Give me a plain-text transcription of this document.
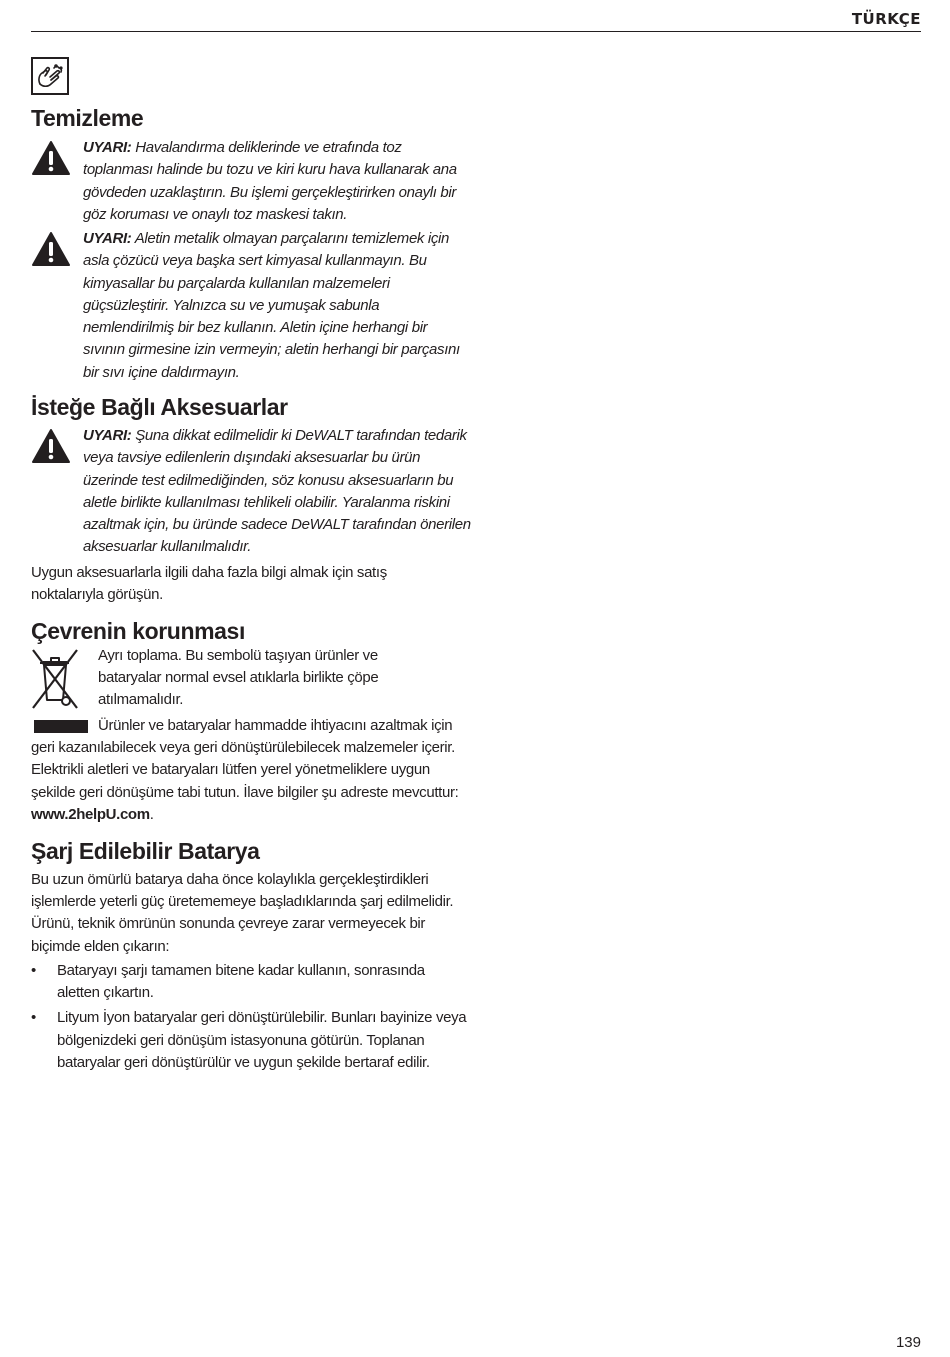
TÜRKÇE
Temizleme
UYARI: Havalandırma deliklerinde ve etrafında toz toplanması halinde bu tozu ve kiri kuru hava kullanarak ana gövdeden uzaklaştırın. Bu işlemi gerçekleştirirken onaylı bir göz koruması ve onaylı toz maskesi takın.
UYARI: Aletin metalik olmayan parçalarını temizlemek için asla çözücü veya başka sert kimyasal kullanmayın. Bu kimyasallar bu parçalarda kullanılan malzemeleri güçsüzleştirir. Yalnızca su ve yumuşak sabunla nemlendirilmiş bir bez kullanın. Aletin içine herhangi bir sıvının girmesine izin vermeyin; aletin herhangi bir parçasını bir sıvı içine daldırmayın.
İsteğe Bağlı Aksesuarlar
UYARI: Şuna dikkat edilmelidir ki DeWALT tarafından tedarik veya tavsiye edilenlerin dışındaki aksesuarlar bu ürün üzerinde test edilmediğinden, söz konusu aksesuarların bu aletle birlikte kullanılması tehlikeli olabilir. Yaralanma riskini azaltmak için, bu üründe sadece DeWALT tarafından önerilen aksesuarlar kullanılmalıdır.

Uygun aksesuarlarla ilgili daha fazla bilgi almak için satış noktalarıyla görüşün.

Çevrenin korunması

Ayrı toplama. Bu sembolü taşıyan ürünler ve bataryalar normal evsel atıklarla birlikte çöpe atılmamalıdır.

Ürünler ve bataryalar hammadde ihtiyacını azaltmak için geri kazanılabilecek veya geri dönüştürülebilecek malzemeler içerir. Elektrikli aletleri ve bataryaları lütfen yerel yönetmeliklere uygun şekilde geri dönüşüme tabi tutun. İlave bilgiler şu adreste mevcuttur: www.2helpU.com.

Şarj Edilebilir Batarya

Bu uzun ömürlü batarya daha önce kolaylıkla gerçekleştirdikleri işlemlerde yeterli güç üretememeye başladıklarında şarj edilmelidir. Ürünü, teknik ömrünün sonunda çevreye zarar vermeyecek bir biçimde elden çıkarın:

• Bataryayı şarjı tamamen bitene kadar kullanın, sonrasında aletten çıkartın.
• Lityum İyon bataryalar geri dönüştürülebilir. Bunları bayinize veya bölgenizdeki geri dönüşüm istasyonuna götürün. Toplanan bataryalar geri dönüştürülür ve uygun şekilde bertaraf edilir.
139
